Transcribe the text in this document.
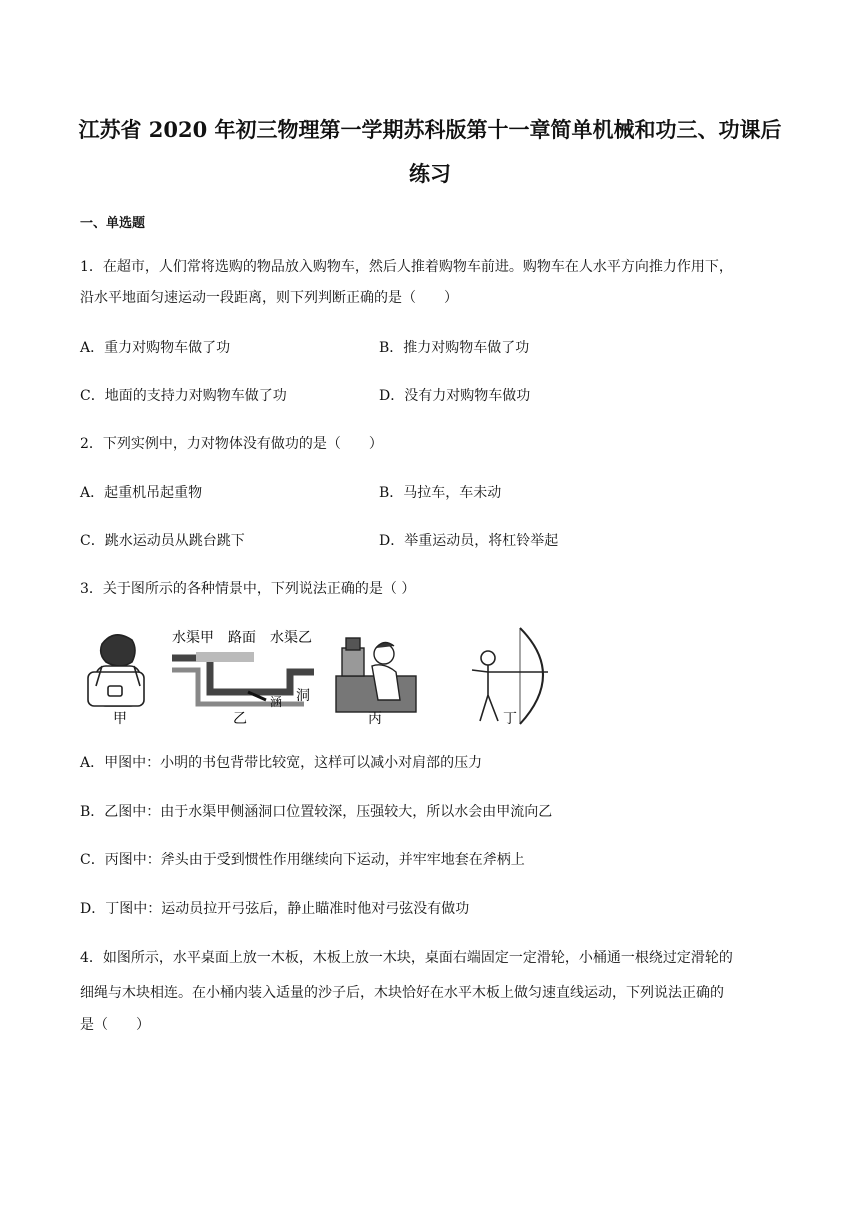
江苏省 2020 年初三物理第一学期苏科版第十一章简单机械和功三、功课后
练习
一、单选题
1．在超市，人们常将选购的物品放入购物车，然后人推着购物车前进。购物车在人水平方向推力作用下，
沿水平地面匀速运动一段距离，则下列判断正确的是（　　）
A．重力对购物车做了功	B．推力对购物车做了功
C．地面的支持力对购物车做了功	D．没有力对购物车做功
2．下列实例中，力对物体没有做功的是（　　）
A．起重机吊起重物	B．马拉车，车未动
C．跳水运动员从跳台跳下	D．举重运动员，将杠铃举起
3．关于图所示的各种情景中，下列说法正确的是（ ）
甲
水渠甲 路面 水渠乙
涵 洞
乙	丙	丁
A．甲图中：小明的书包背带比较宽，这样可以减小对肩部的压力
B．乙图中：由于水渠甲侧涵洞口位置较深，压强较大，所以水会由甲流向乙
C．丙图中：斧头由于受到惯性作用继续向下运动，并牢牢地套在斧柄上
D．丁图中：运动员拉开弓弦后，静止瞄准时他对弓弦没有做功
4．如图所示，水平桌面上放一木板，木板上放一木块，桌面右端固定一定滑轮，小桶通一根绕过定滑轮的
细绳与木块相连。在小桶内装入适量的沙子后，木块恰好在水平木板上做匀速直线运动，下列说法正确的
是（　　）
